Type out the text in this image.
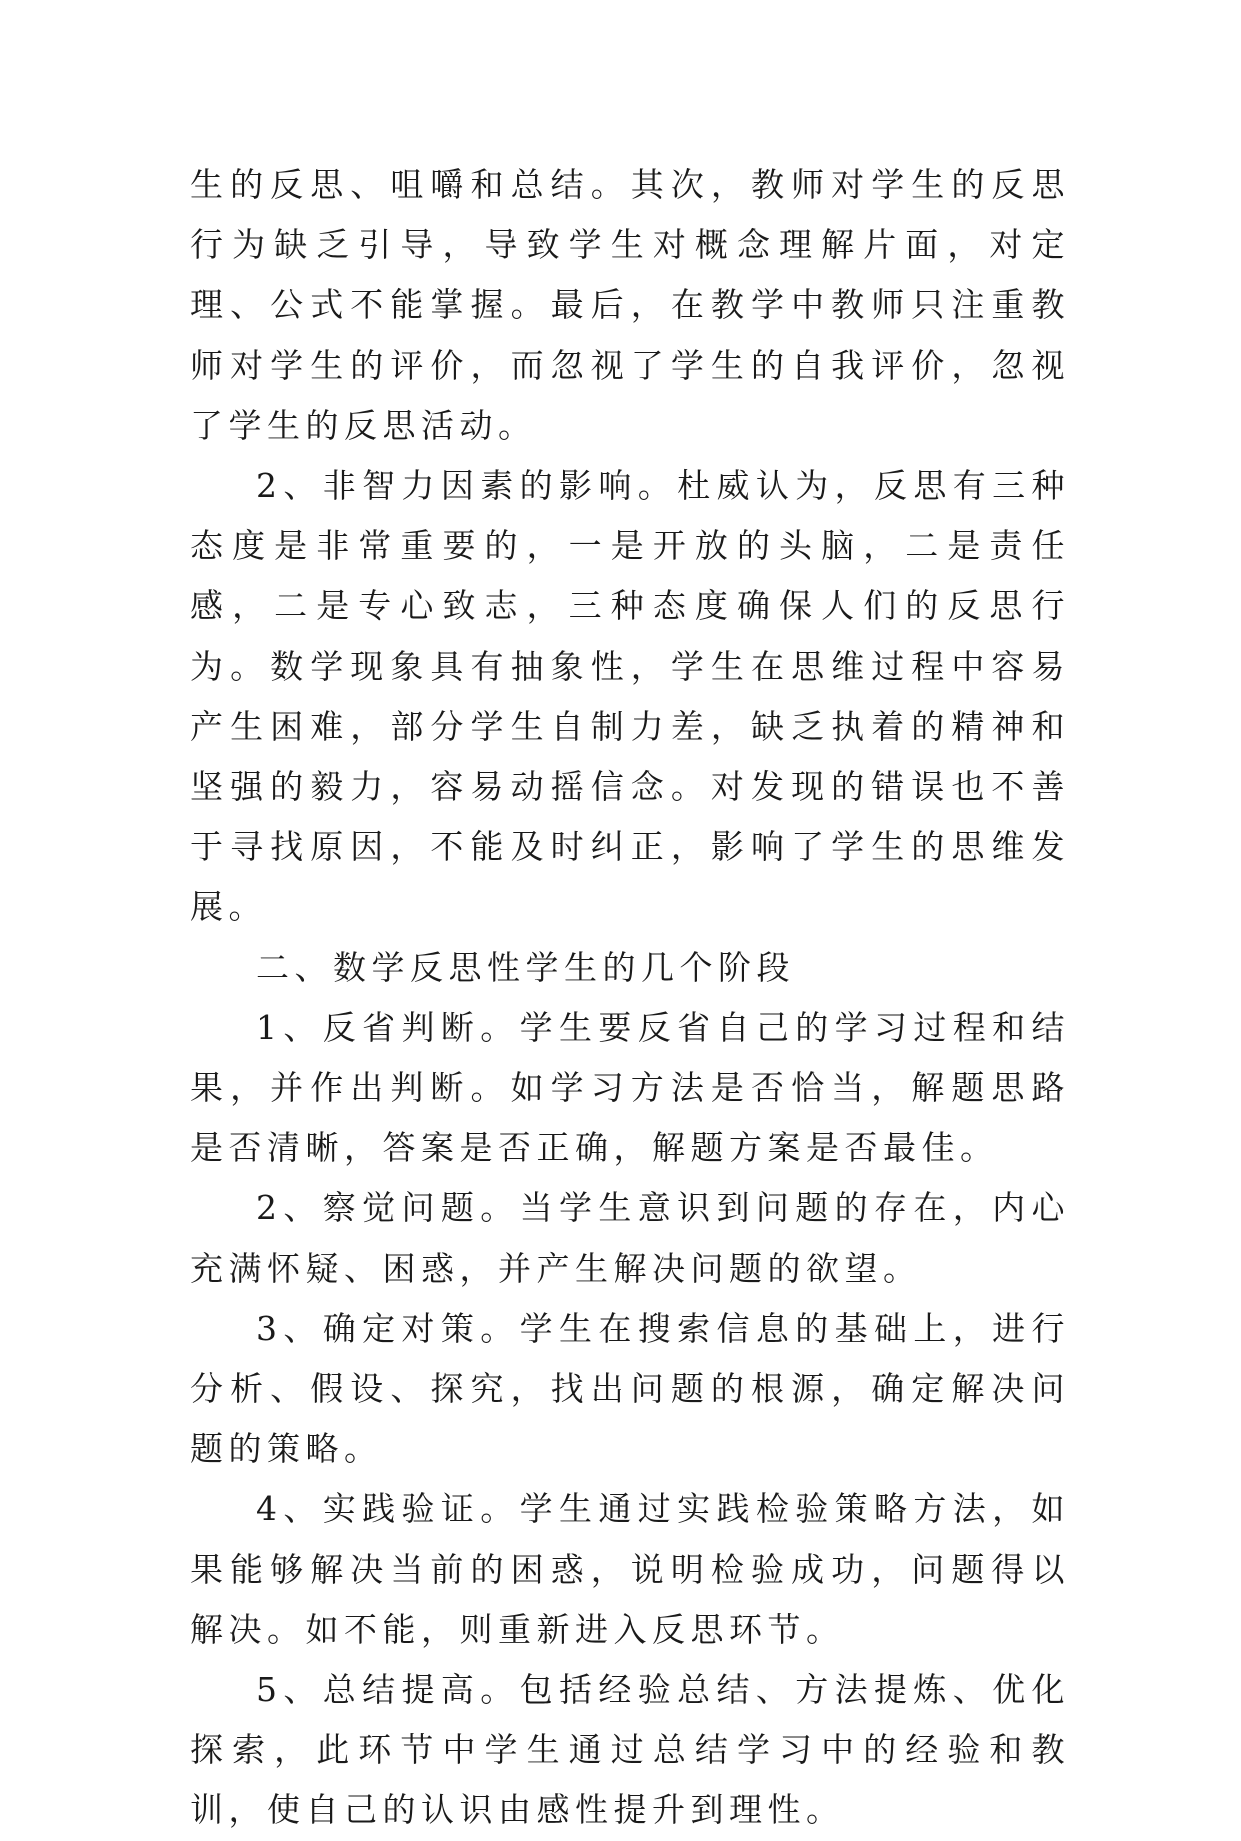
生的反思、咀嚼和总结。其次，教师对学生的反思行为缺乏引导，导致学生对概念理解片面，对定理、公式不能掌握。最后，在教学中教师只注重教师对学生的评价，而忽视了学生的自我评价，忽视了学生的反思活动。

2、非智力因素的影响。杜威认为，反思有三种态度是非常重要的，一是开放的头脑，二是责任感，二是专心致志，三种态度确保人们的反思行为。数学现象具有抽象性，学生在思维过程中容易产生困难，部分学生自制力差，缺乏执着的精神和坚强的毅力，容易动摇信念。对发现的错误也不善于寻找原因，不能及时纠正，影响了学生的思维发展。

二、数学反思性学生的几个阶段

1、反省判断。学生要反省自己的学习过程和结果，并作出判断。如学习方法是否恰当，解题思路是否清晰，答案是否正确，解题方案是否最佳。

2、察觉问题。当学生意识到问题的存在，内心充满怀疑、困惑，并产生解决问题的欲望。

3、确定对策。学生在搜索信息的基础上，进行分析、假设、探究，找出问题的根源，确定解决问题的策略。

4、实践验证。学生通过实践检验策略方法，如果能够解决当前的困惑，说明检验成功，问题得以解决。如不能，则重新进入反思环节。

5、总结提高。包括经验总结、方法提炼、优化探索，此环节中学生通过总结学习中的经验和教训，使自己的认识由感性提升到理性。
